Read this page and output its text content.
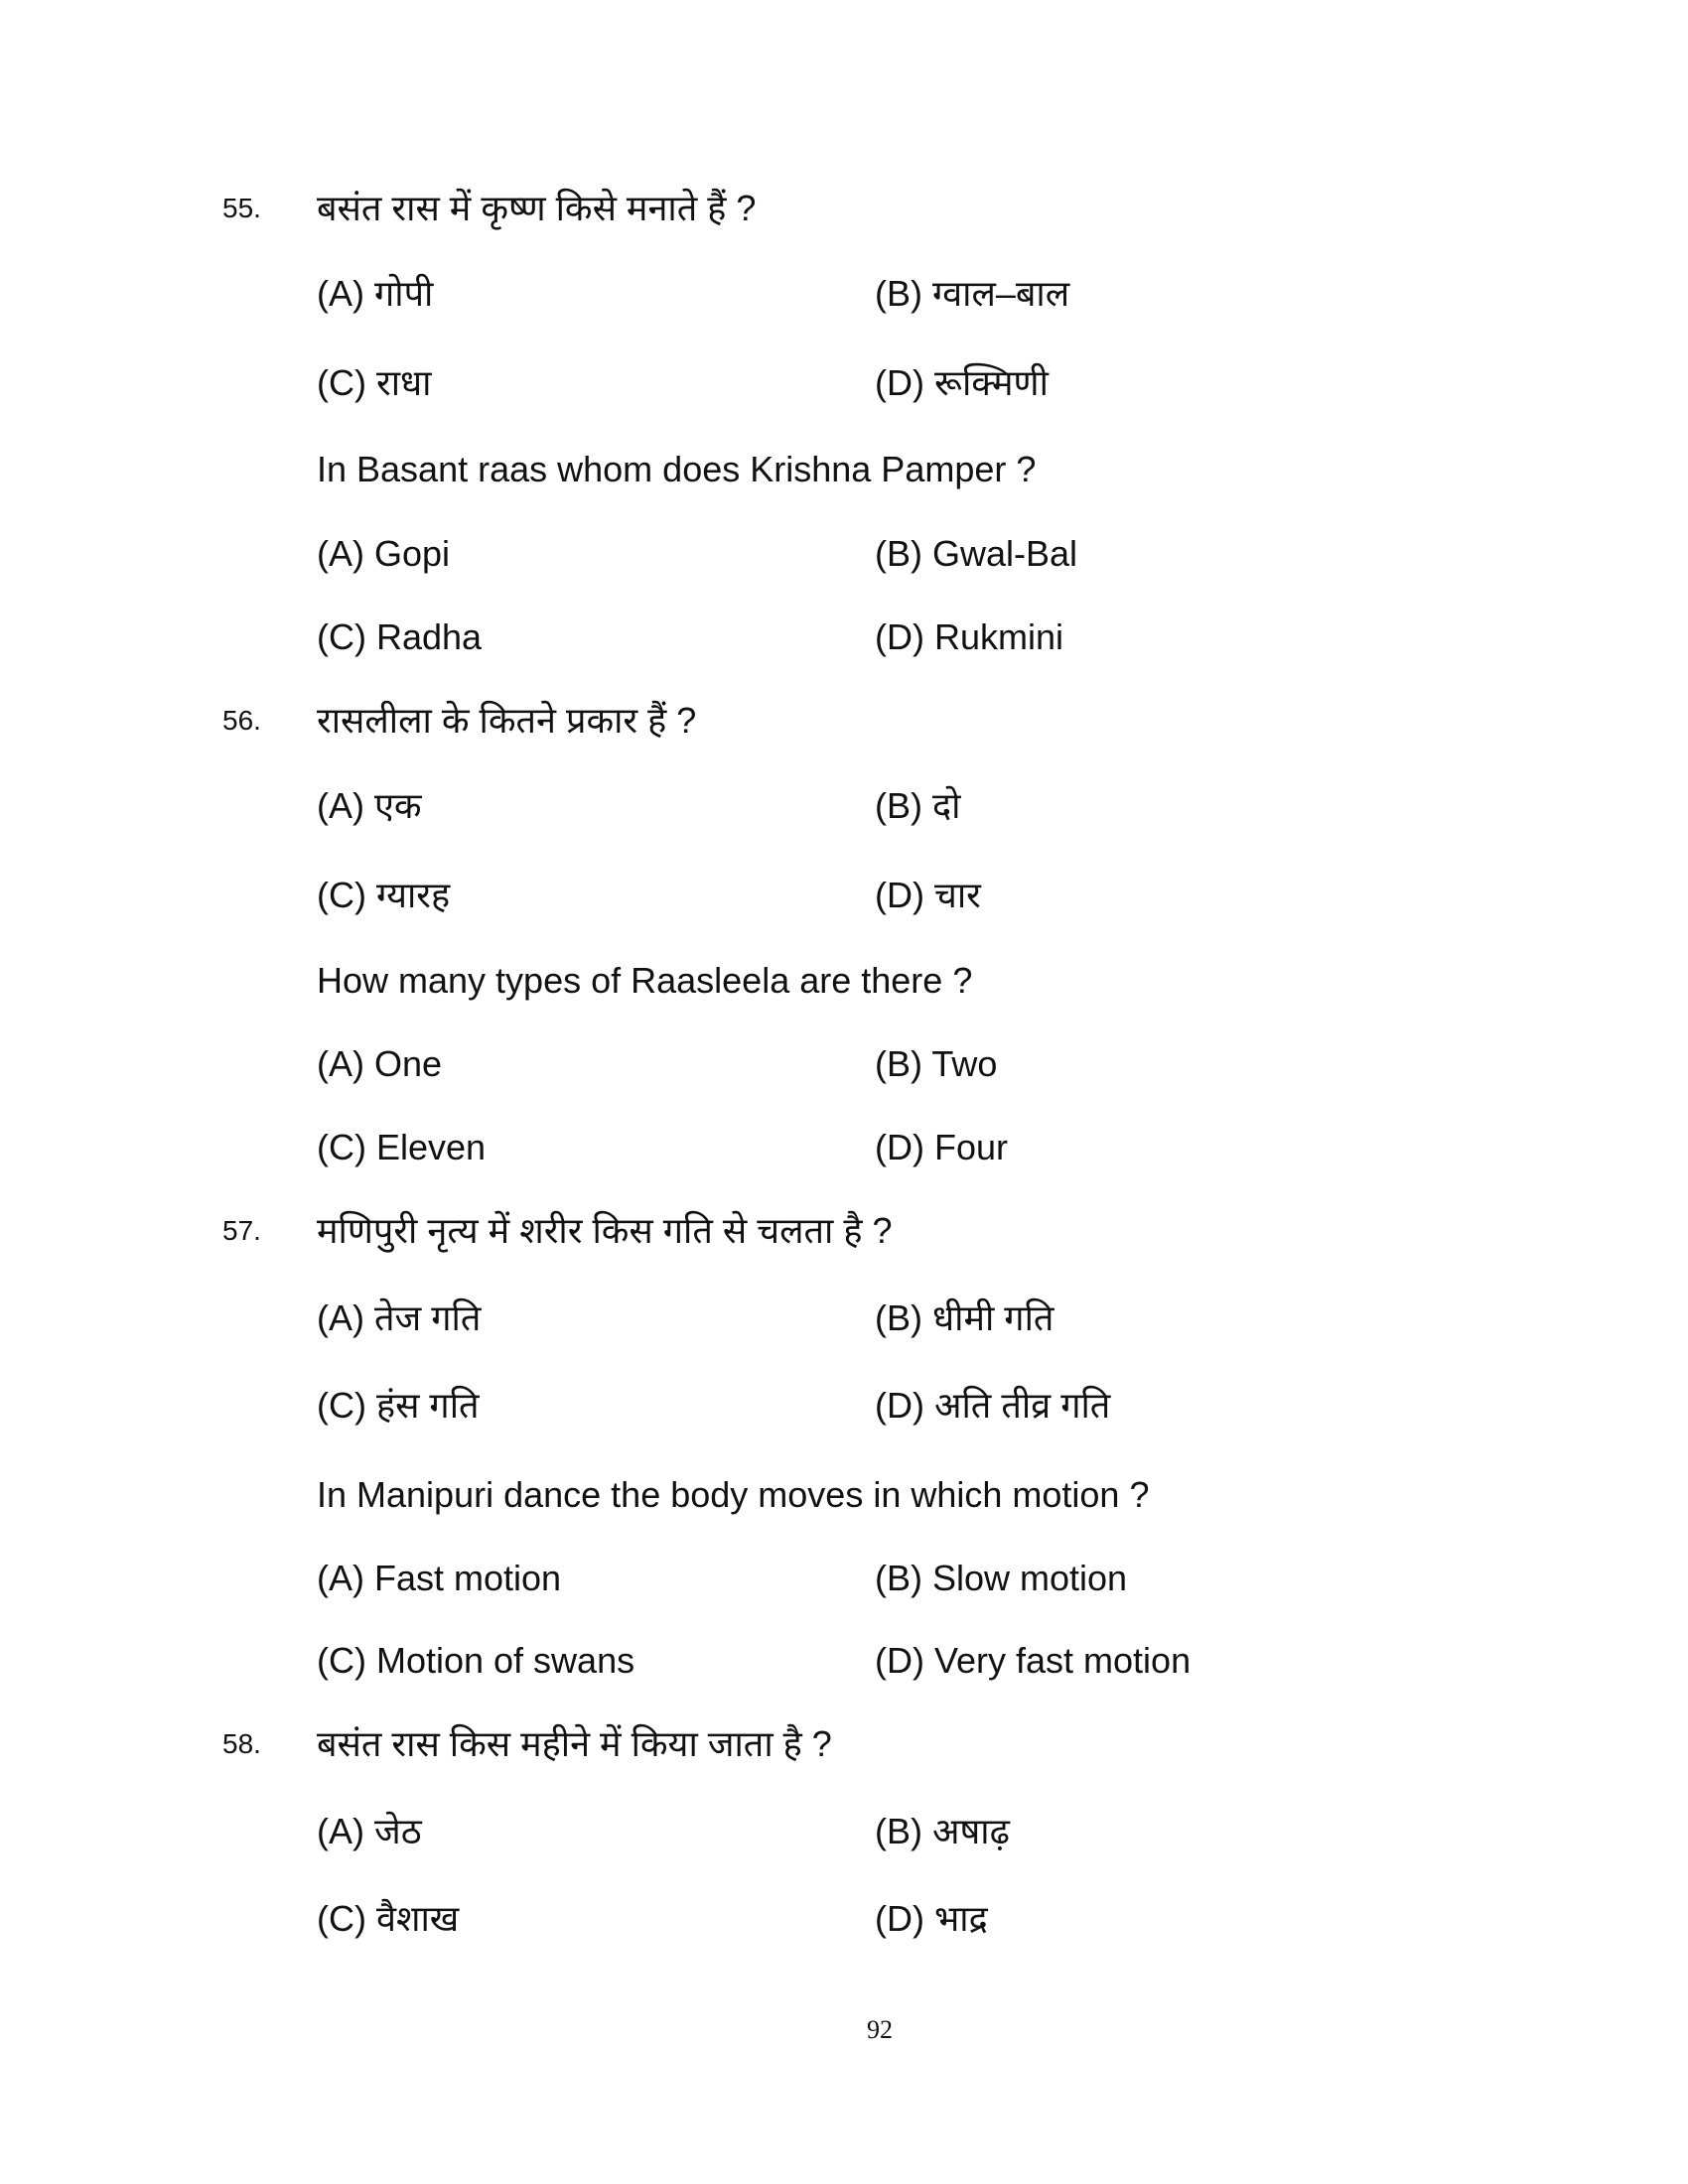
55. बसंत रास में कृष्ण किसे मनाते हैं ?
(A) गोपी	(B) ग्वाल–बाल
(C) राधा	(D) रूक्मिणी
In Basant raas whom does Krishna Pamper ?
(A) Gopi	(B) Gwal-Bal
(C) Radha	(D) Rukmini
56. रासलीला के कितने प्रकार हैं ?
(A) एक	(B) दो
(C) ग्यारह	(D) चार
How many types of Raasleela are there ?
(A) One	(B) Two
(C) Eleven	(D) Four
57. मणिपुरी नृत्य में शरीर किस गति से चलता है ?
(A) तेज गति	(B) धीमी गति
(C) हंस गति	(D) अति तीव्र गति
In Manipuri dance the body moves in which motion ?
(A) Fast motion	(B) Slow motion
(C) Motion of swans	(D) Very fast motion
58. बसंत रास किस महीने में किया जाता है ?
(A) जेठ	(B) अषाढ़
(C) वैशाख	(D) भाद्र
92
